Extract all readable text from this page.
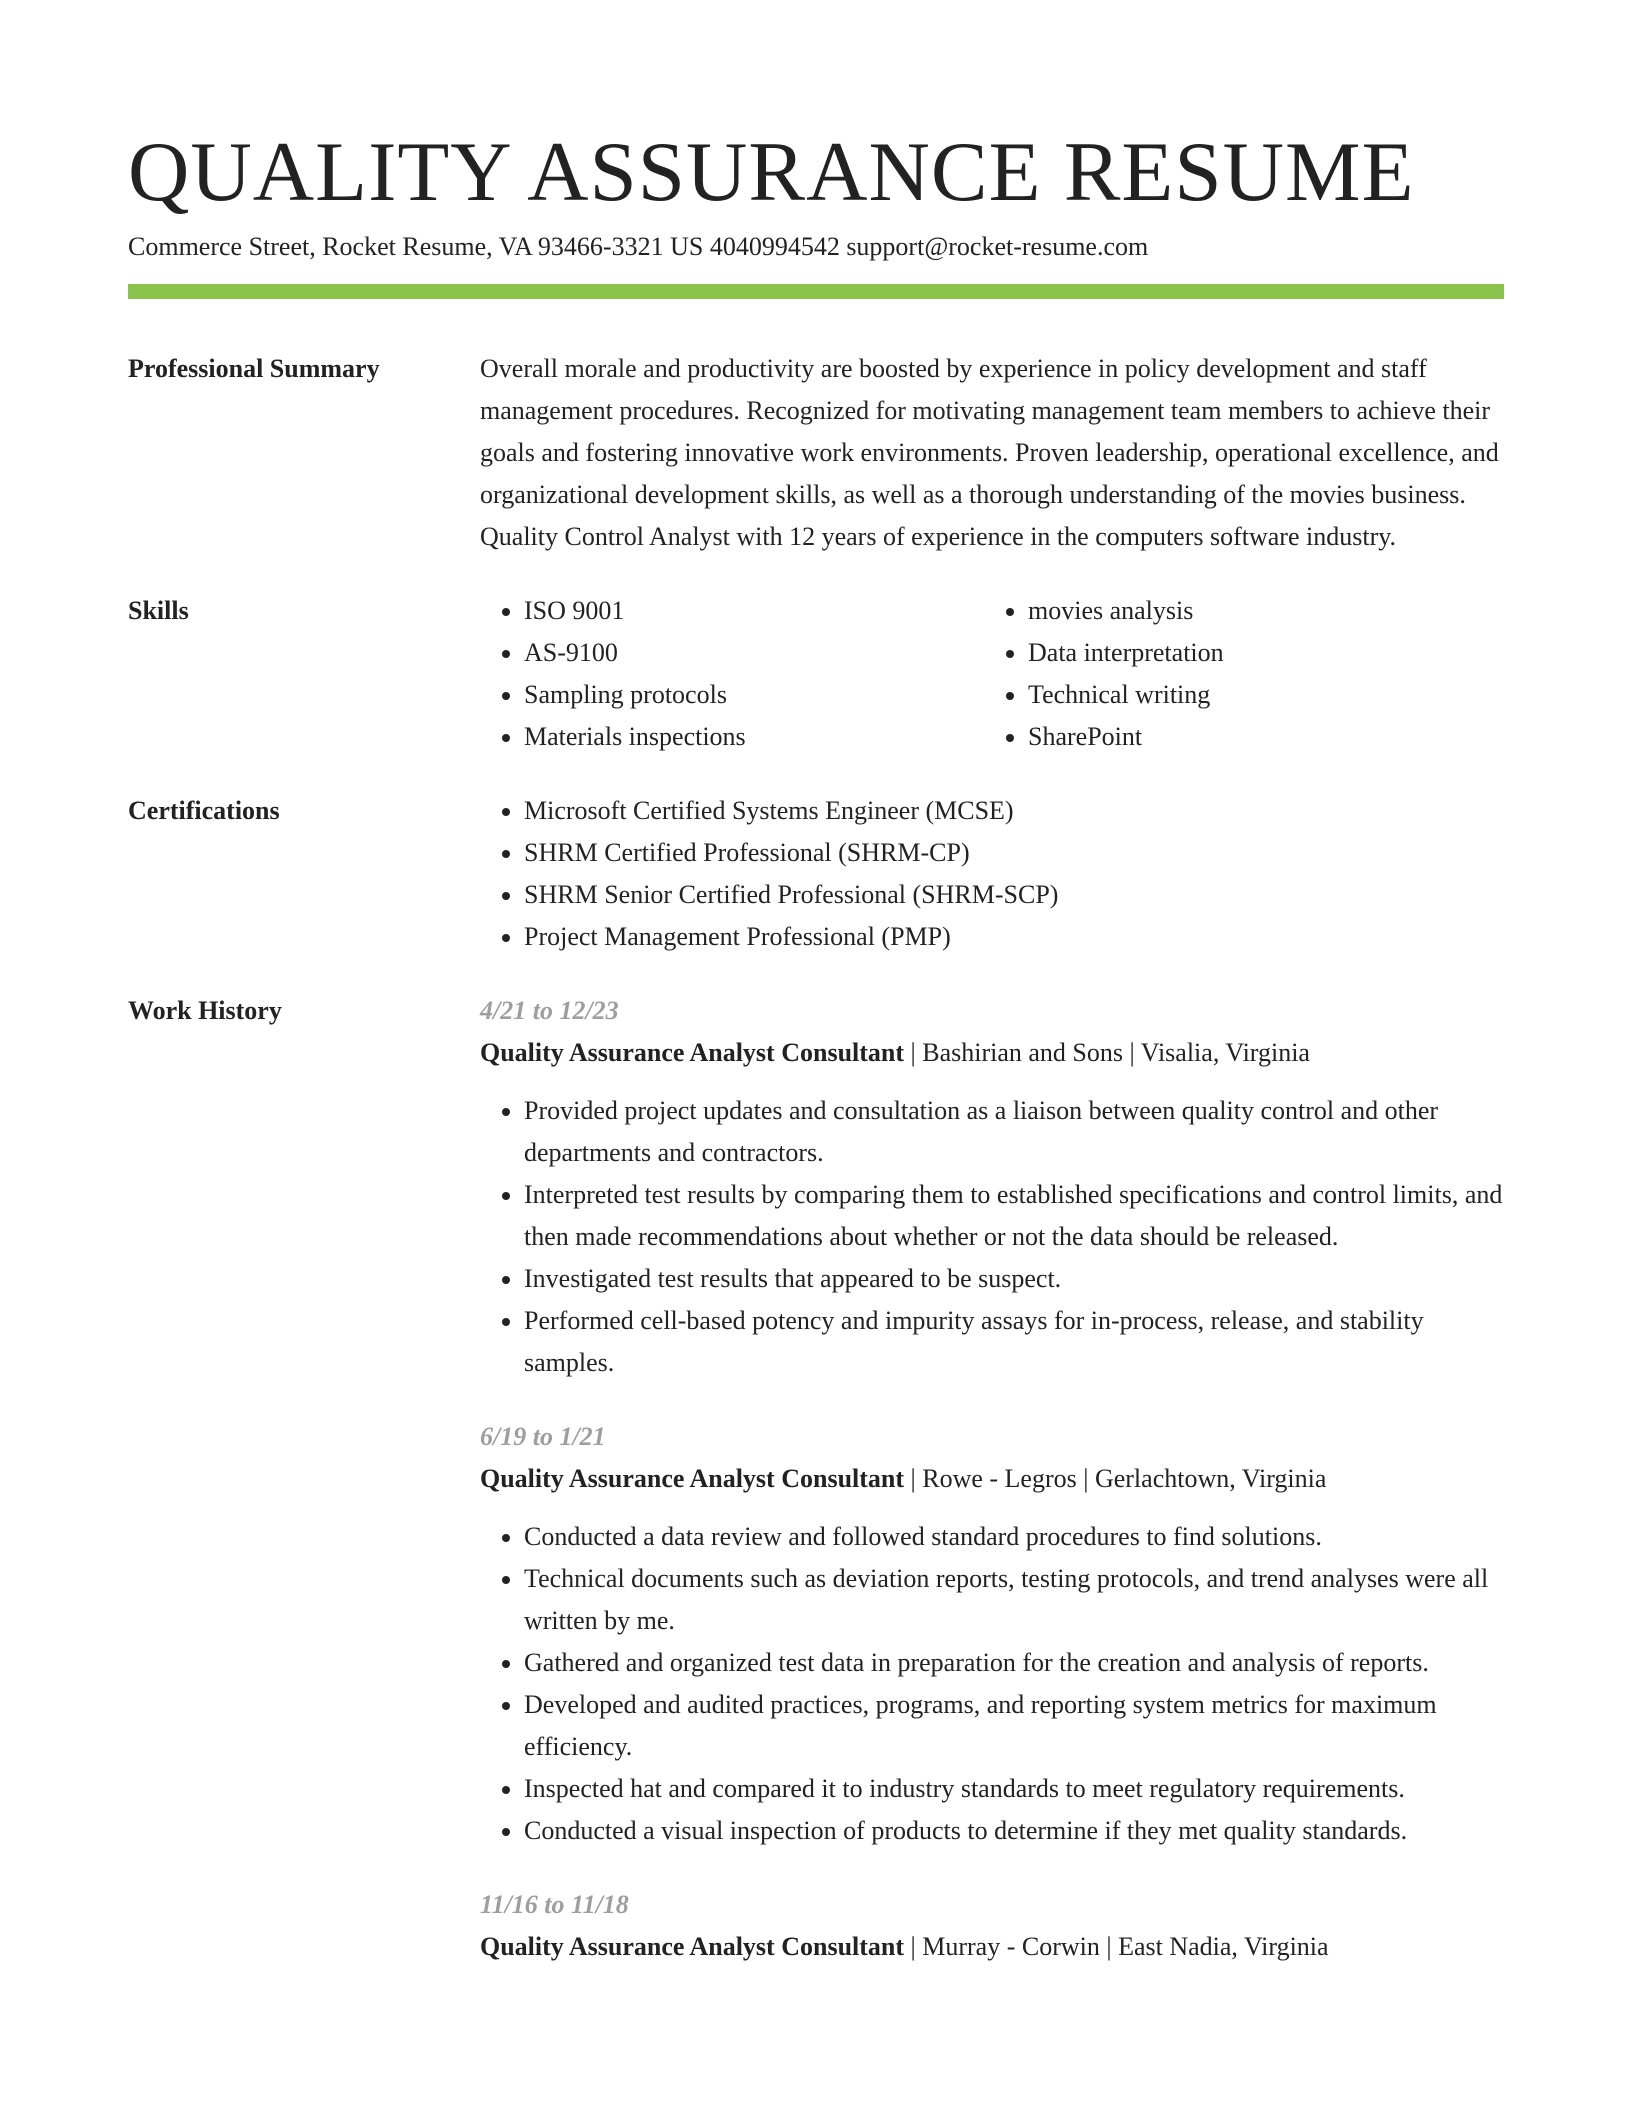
QUALITY ASSURANCE RESUME
Commerce Street, Rocket Resume, VA 93466-3321 US 4040994542 support@rocket-resume.com
Professional Summary	Overall morale and productivity are boosted by experience in policy development and staff management procedures. Recognized for motivating management team members to achieve their goals and fostering innovative work environments. Proven leadership, operational excellence, and organizational development skills, as well as a thorough understanding of the movies business. Quality Control Analyst with 12 years of experience in the computers software industry.

Skills	• ISO 9001
• AS-9100
• Sampling protocols
• Materials inspections
• movies analysis
• Data interpretation
• Technical writing
• SharePoint
Certifications	• Microsoft Certified Systems Engineer (MCSE)
• SHRM Certified Professional (SHRM-CP)
• SHRM Senior Certified Professional (SHRM-SCP)
• Project Management Professional (PMP)
Work History	4/21 to 12/23
Quality Assurance Analyst Consultant | Bashirian and Sons | Visalia, Virginia
• Provided project updates and consultation as a liaison between quality control and other departments and contractors.
• Interpreted test results by comparing them to established specifications and control limits, and then made recommendations about whether or not the data should be released.
• Investigated test results that appeared to be suspect.
• Performed cell-based potency and impurity assays for in-process, release, and stability samples.
6/19 to 1/21
Quality Assurance Analyst Consultant | Rowe - Legros | Gerlachtown, Virginia
• Conducted a data review and followed standard procedures to find solutions.
• Technical documents such as deviation reports, testing protocols, and trend analyses were all written by me.
• Gathered and organized test data in preparation for the creation and analysis of reports.
• Developed and audited practices, programs, and reporting system metrics for maximum efficiency.
• Inspected hat and compared it to industry standards to meet regulatory requirements.
• Conducted a visual inspection of products to determine if they met quality standards.
11/16 to 11/18
Quality Assurance Analyst Consultant | Murray - Corwin | East Nadia, Virginia
